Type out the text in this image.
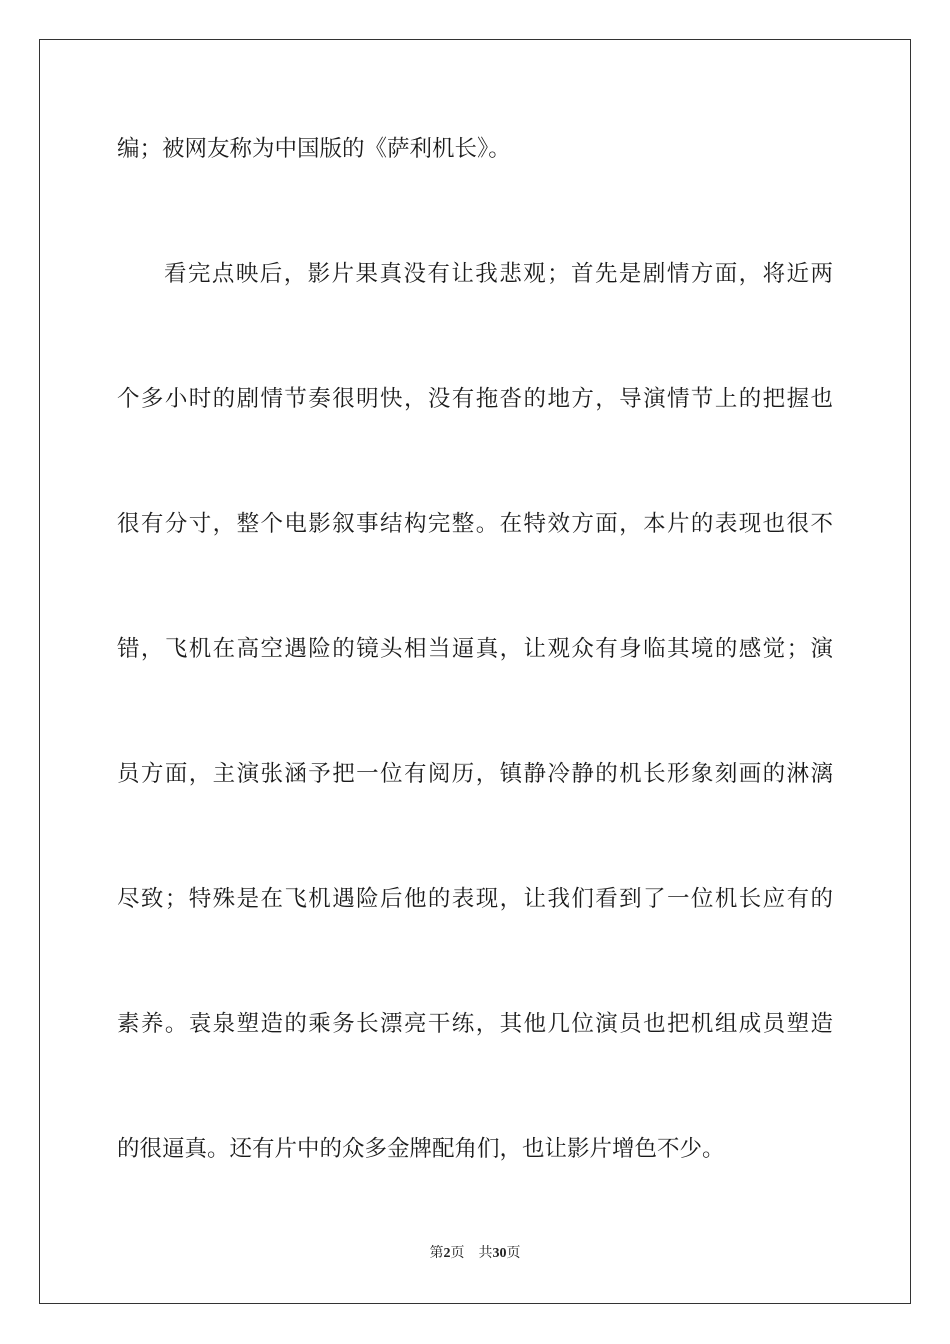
编；被网友称为中国版的《萨利机长》。
看完点映后，影片果真没有让我悲观；首先是剧情方面，将近两
个多小时的剧情节奏很明快，没有拖沓的地方，导演情节上的把握也
很有分寸，整个电影叙事结构完整。在特效方面，本片的表现也很不
错，飞机在高空遇险的镜头相当逼真，让观众有身临其境的感觉；演
员方面，主演张涵予把一位有阅历，镇静冷静的机长形象刻画的淋漓
尽致；特殊是在飞机遇险后他的表现，让我们看到了一位机长应有的
素养。袁泉塑造的乘务长漂亮干练，其他几位演员也把机组成员塑造
的很逼真。还有片中的众多金牌配角们，也让影片增色不少。
第2页 共30页
